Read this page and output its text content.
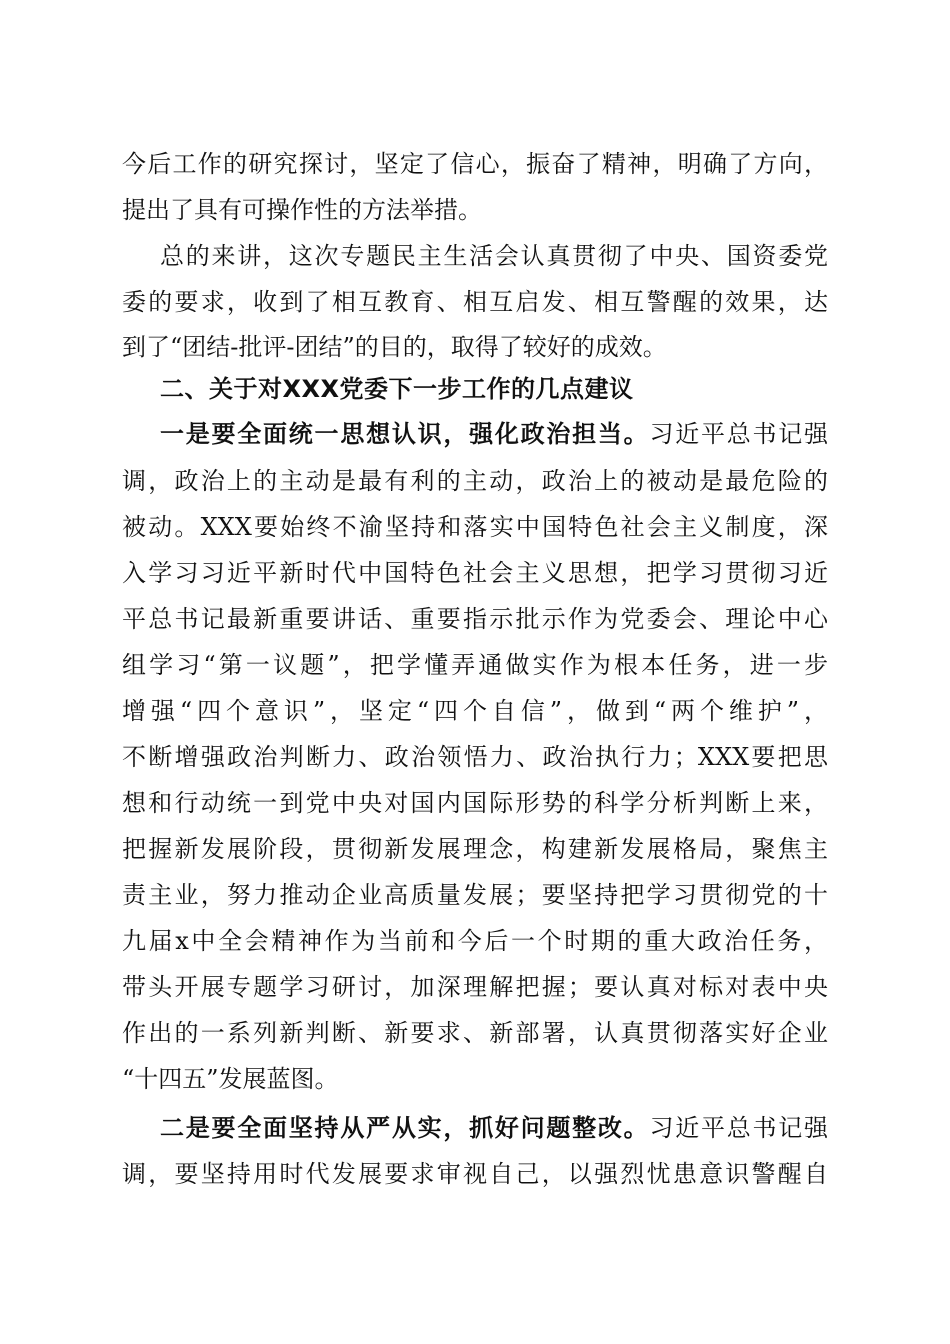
今后工作的研究探讨，坚定了信心，振奋了精神，明确了方向，
提出了具有可操作性的方法举措。
总的来讲，这次专题民主生活会认真贯彻了中央、国资委党
委的要求，收到了相互教育、相互启发、相互警醒的效果，达
到了“团结-批评-团结”的目的，取得了较好的成效。
二、关于对XXX党委下一步工作的几点建议
一是要全面统一思想认识，强化政治担当。习近平总书记强
调，政治上的主动是最有利的主动，政治上的被动是最危险的
被动。XXX要始终不渝坚持和落实中国特色社会主义制度，深
入学习习近平新时代中国特色社会主义思想，把学习贯彻习近
平总书记最新重要讲话、重要指示批示作为党委会、理论中心
组学习“第一议题”，把学懂弄通做实作为根本任务，进一步
增强“四个意识”，坚定“四个自信”，做到“两个维护”，
不断增强政治判断力、政治领悟力、政治执行力；XXX要把思
想和行动统一到党中央对国内国际形势的科学分析判断上来，
把握新发展阶段，贯彻新发展理念，构建新发展格局，聚焦主
责主业，努力推动企业高质量发展；要坚持把学习贯彻党的十
九届x中全会精神作为当前和今后一个时期的重大政治任务，
带头开展专题学习研讨，加深理解把握；要认真对标对表中央
作出的一系列新判断、新要求、新部署，认真贯彻落实好企业
“十四五”发展蓝图。
二是要全面坚持从严从实，抓好问题整改。习近平总书记强
调，要坚持用时代发展要求审视自己，以强烈忧患意识警醒自
